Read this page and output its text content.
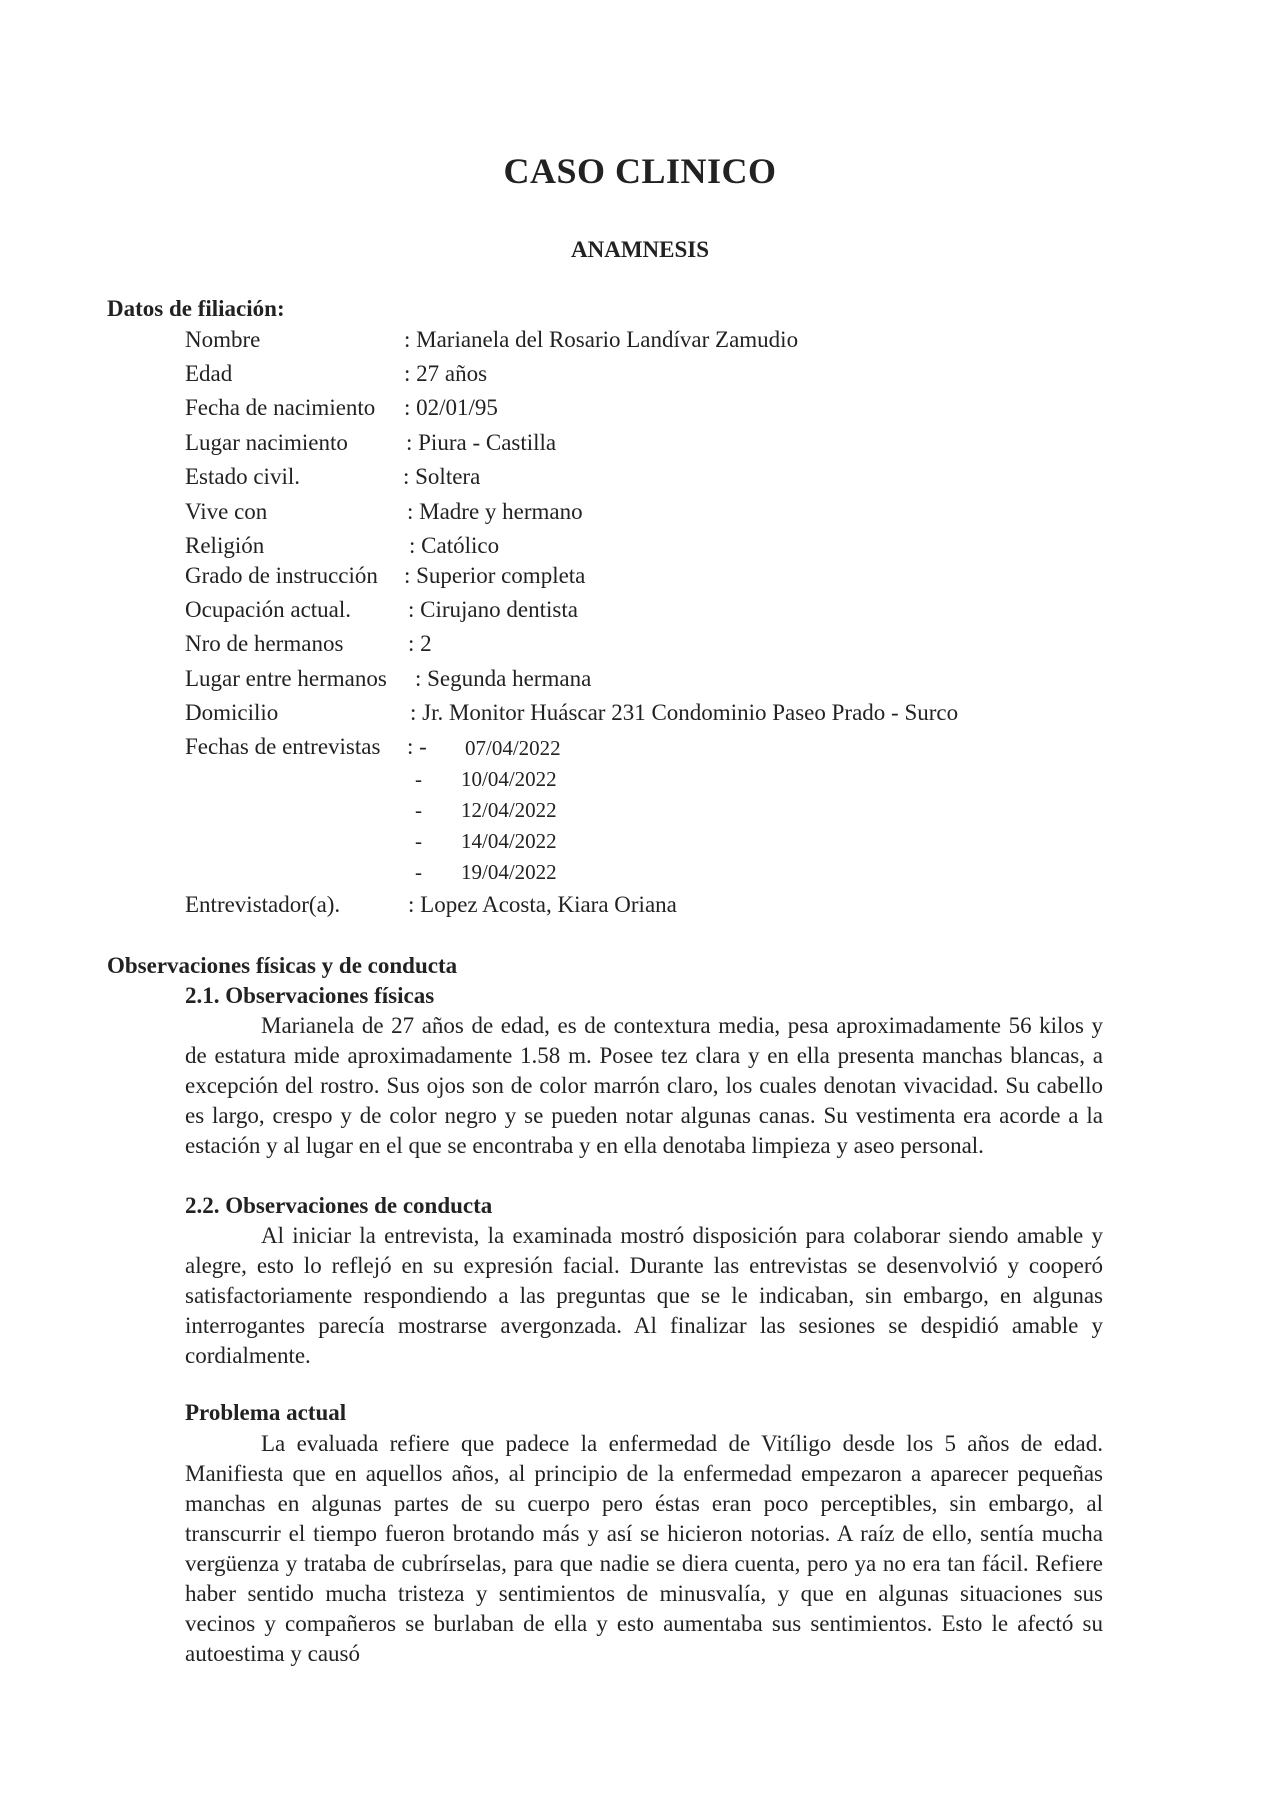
CASO CLINICO
ANAMNESIS
Datos de filiación:
Nombre	: Marianela del Rosario Landívar Zamudio
Edad	: 27 años
Fecha de nacimiento : 02/01/95
Lugar nacimiento	: Piura - Castilla
Estado civil.	: Soltera
Vive con	: Madre y hermano
Religión	: Católico
Grado de instrucción : Superior completa
Ocupación actual. : Cirujano dentista
Nro de hermanos	: 2
Lugar entre hermanos : Segunda hermana
Domicilio	: Jr. Monitor Huáscar 231 Condominio Paseo Prado - Surco
Fechas de entrevistas : - 07/04/2022
- 10/04/2022
- 12/04/2022
- 14/04/2022
- 19/04/2022
Entrevistador(a).	: Lopez Acosta, Kiara Oriana
Observaciones físicas y de conducta
2.1. Observaciones físicas
Marianela de 27 años de edad, es de contextura media, pesa aproximadamente 56 kilos y de estatura mide aproximadamente 1.58 m. Posee tez clara y en ella presenta manchas blancas, a excepción del rostro. Sus ojos son de color marrón claro, los cuales denotan vivacidad. Su cabello es largo, crespo y de color negro y se pueden notar algunas canas. Su vestimenta era acorde a la estación y al lugar en el que se encontraba y en ella denotaba limpieza y aseo personal.
2.2. Observaciones de conducta
Al iniciar la entrevista, la examinada mostró disposición para colaborar siendo amable y alegre, esto lo reflejó en su expresión facial. Durante las entrevistas se desenvolvió y cooperó satisfactoriamente respondiendo a las preguntas que se le indicaban, sin embargo, en algunas interrogantes parecía mostrarse avergonzada. Al finalizar las sesiones se despidió amable y cordialmente.
Problema actual
La evaluada refiere que padece la enfermedad de Vitíligo desde los 5 años de edad. Manifiesta que en aquellos años, al principio de la enfermedad empezaron a aparecer pequeñas manchas en algunas partes de su cuerpo pero éstas eran poco perceptibles, sin embargo, al transcurrir el tiempo fueron brotando más y así se hicieron notorias. A raíz de ello, sentía mucha vergüenza y trataba de cubrírselas, para que nadie se diera cuenta, pero ya no era tan fácil. Refiere haber sentido mucha tristeza y sentimientos de minusvalía, y que en algunas situaciones sus vecinos y compañeros se burlaban de ella y esto aumentaba sus sentimientos. Esto le afectó su autoestima y causó
